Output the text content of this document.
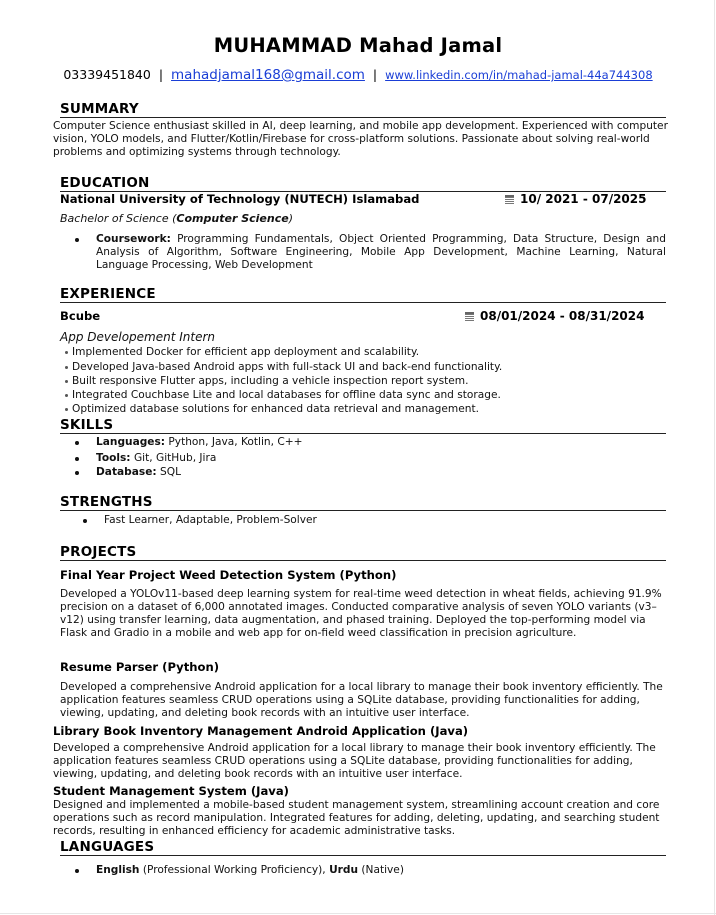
MUHAMMAD Mahad Jamal
03339451840 | mahadjamal168@gmail.com | www.linkedin.com/in/mahad-jamal-44a744308
SUMMARY
Computer Science enthusiast skilled in AI, deep learning, and mobile app development. Experienced with computer vision, YOLO models, and Flutter/Kotlin/Firebase for cross-platform solutions. Passionate about solving real-world problems and optimizing systems through technology.
EDUCATION
National University of Technology (NUTECH) Islamabad	10/ 2021 - 07/2025
Bachelor of Science (Computer Science)
Coursework: Programming Fundamentals, Object Oriented Programming, Data Structure, Design and Analysis of Algorithm, Software Engineering, Mobile App Development, Machine Learning, Natural Language Processing, Web Development
EXPERIENCE
Bcube	08/01/2024 - 08/31/2024
App Developement Intern
Implemented Docker for efficient app deployment and scalability.
Developed Java-based Android apps with full-stack UI and back-end functionality.
Built responsive Flutter apps, including a vehicle inspection report system.
Integrated Couchbase Lite and local databases for offline data sync and storage.
Optimized database solutions for enhanced data retrieval and management.
SKILLS
Languages: Python, Java, Kotlin, C++
Tools: Git, GitHub, Jira
Database: SQL
STRENGTHS
Fast Learner, Adaptable, Problem-Solver
PROJECTS
Final Year Project Weed Detection System (Python)
Developed a YOLOv11-based deep learning system for real-time weed detection in wheat fields, achieving 91.9% precision on a dataset of 6,000 annotated images. Conducted comparative analysis of seven YOLO variants (v3–v12) using transfer learning, data augmentation, and phased training. Deployed the top-performing model via Flask and Gradio in a mobile and web app for on-field weed classification in precision agriculture.
Resume Parser (Python)
Developed a comprehensive Android application for a local library to manage their book inventory efficiently. The application features seamless CRUD operations using a SQLite database, providing functionalities for adding, viewing, updating, and deleting book records with an intuitive user interface.
Library Book Inventory Management Android Application (Java)
Developed a comprehensive Android application for a local library to manage their book inventory efficiently. The application features seamless CRUD operations using a SQLite database, providing functionalities for adding, viewing, updating, and deleting book records with an intuitive user interface.
Student Management System (Java)
Designed and implemented a mobile-based student management system, streamlining account creation and core operations such as record manipulation. Integrated features for adding, deleting, updating, and searching student records, resulting in enhanced efficiency for academic administrative tasks.
LANGUAGES
English (Professional Working Proficiency), Urdu (Native)
